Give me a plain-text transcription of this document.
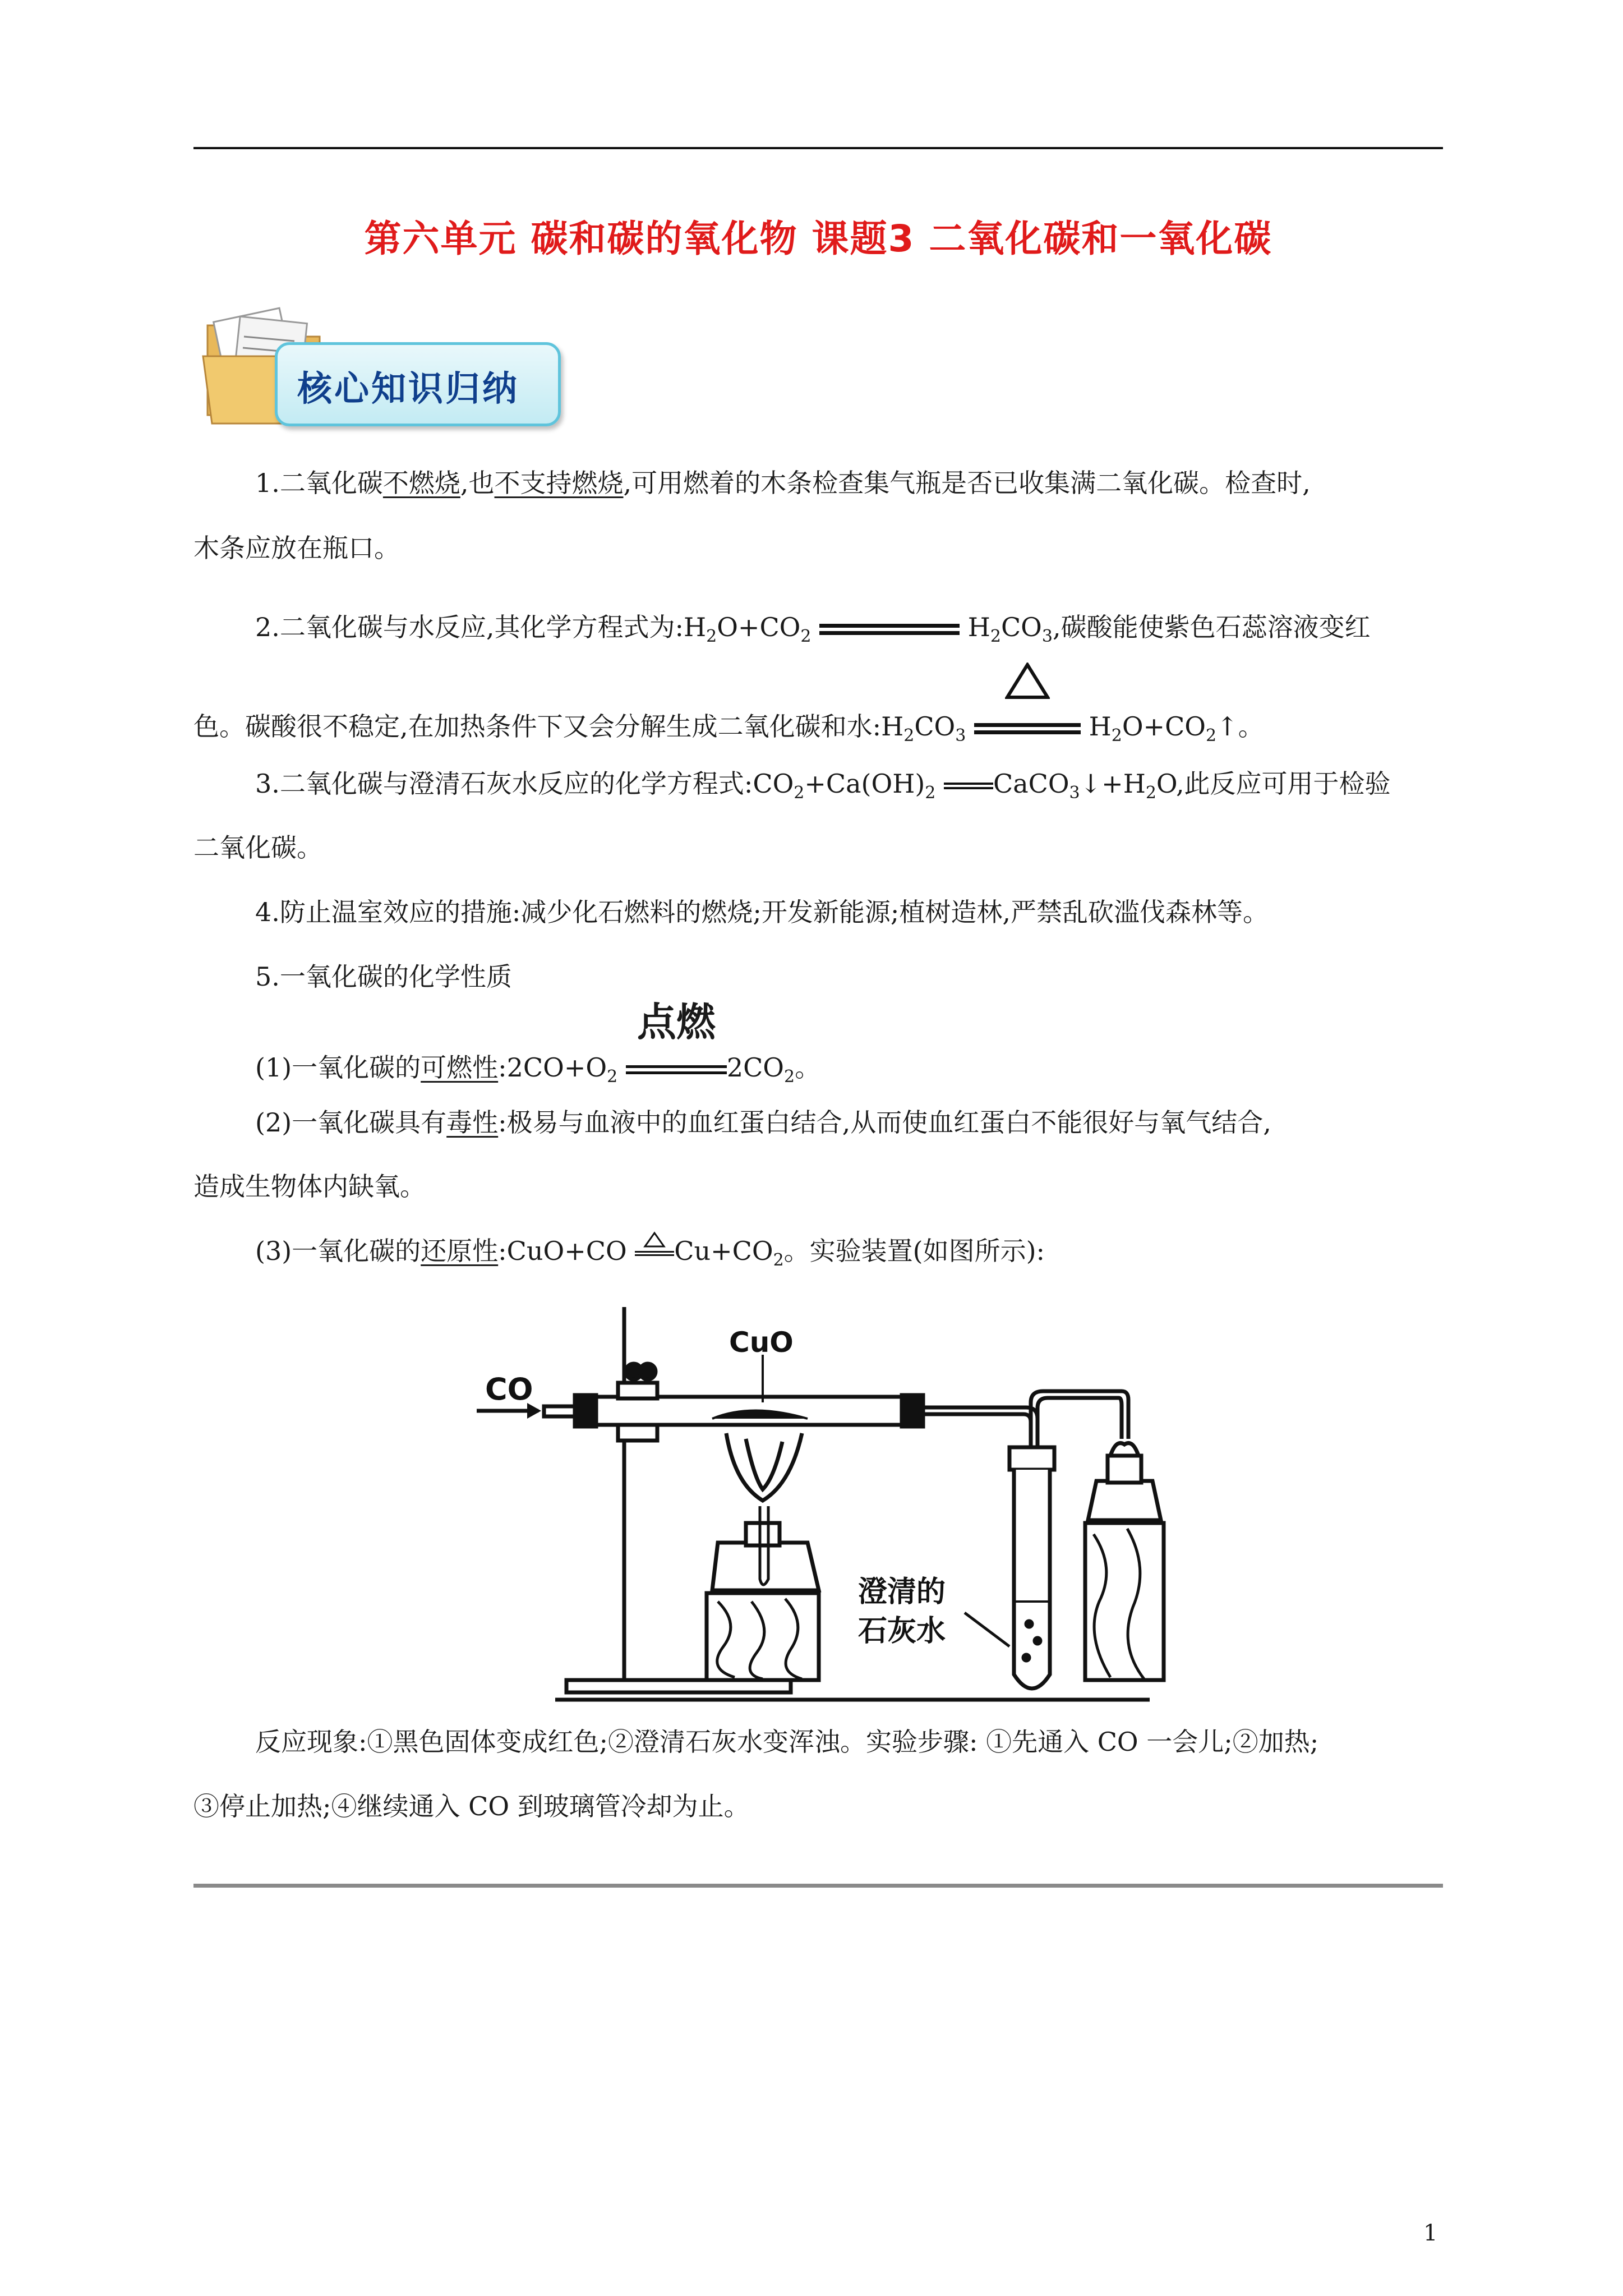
第六单元 碳和碳的氧化物 课题3 二氧化碳和一氧化碳
核心知识归纳
1.二氧化碳不燃烧,也不支持燃烧,可用燃着的木条检查集气瓶是否已收集满二氧化碳。检查时,
木条应放在瓶口。
2.二氧化碳与水反应,其化学方程式为$:H_2O+CO_2$	$H_2CO_3$,碳酸能使紫色石蕊溶液变红
色。碳酸很不稳定,在加热条件下又会分解生成二氧化碳和水$:H_2CO_3$	$H_2O+CO_2↑$。
3.二氧化碳与澄清石灰水反应的化学方程式$:CO_2+Ca(OH)_2$ $CaCO_3↓+H_2O$,此反应可用于检验
二氧化碳。
4.防止温室效应的措施:减少化石燃料的燃烧;开发新能源;植树造林,严禁乱砍滥伐森林等。
5.一氧化碳的化学性质
(1)一氧化碳的可燃性$:2CO+O_2$
点燃
$2CO_2$。
(2)一氧化碳具有毒性:极易与血液中的血红蛋白结合,从而使血红蛋白不能很好与氧气结合,
造成生物体内缺氧。
(3)一氧化碳的还原性:CuO+CO $Cu+CO_2$。实验装置(如图所示):
CO
CuO
澄清的
石灰水
反应现象:①黑色固体变成红色;②澄清石灰水变浑浊。实验步骤: ①先通入 CO 一会儿;②加热;
③停止加热;④继续通入 CO 到玻璃管冷却为止。
1
